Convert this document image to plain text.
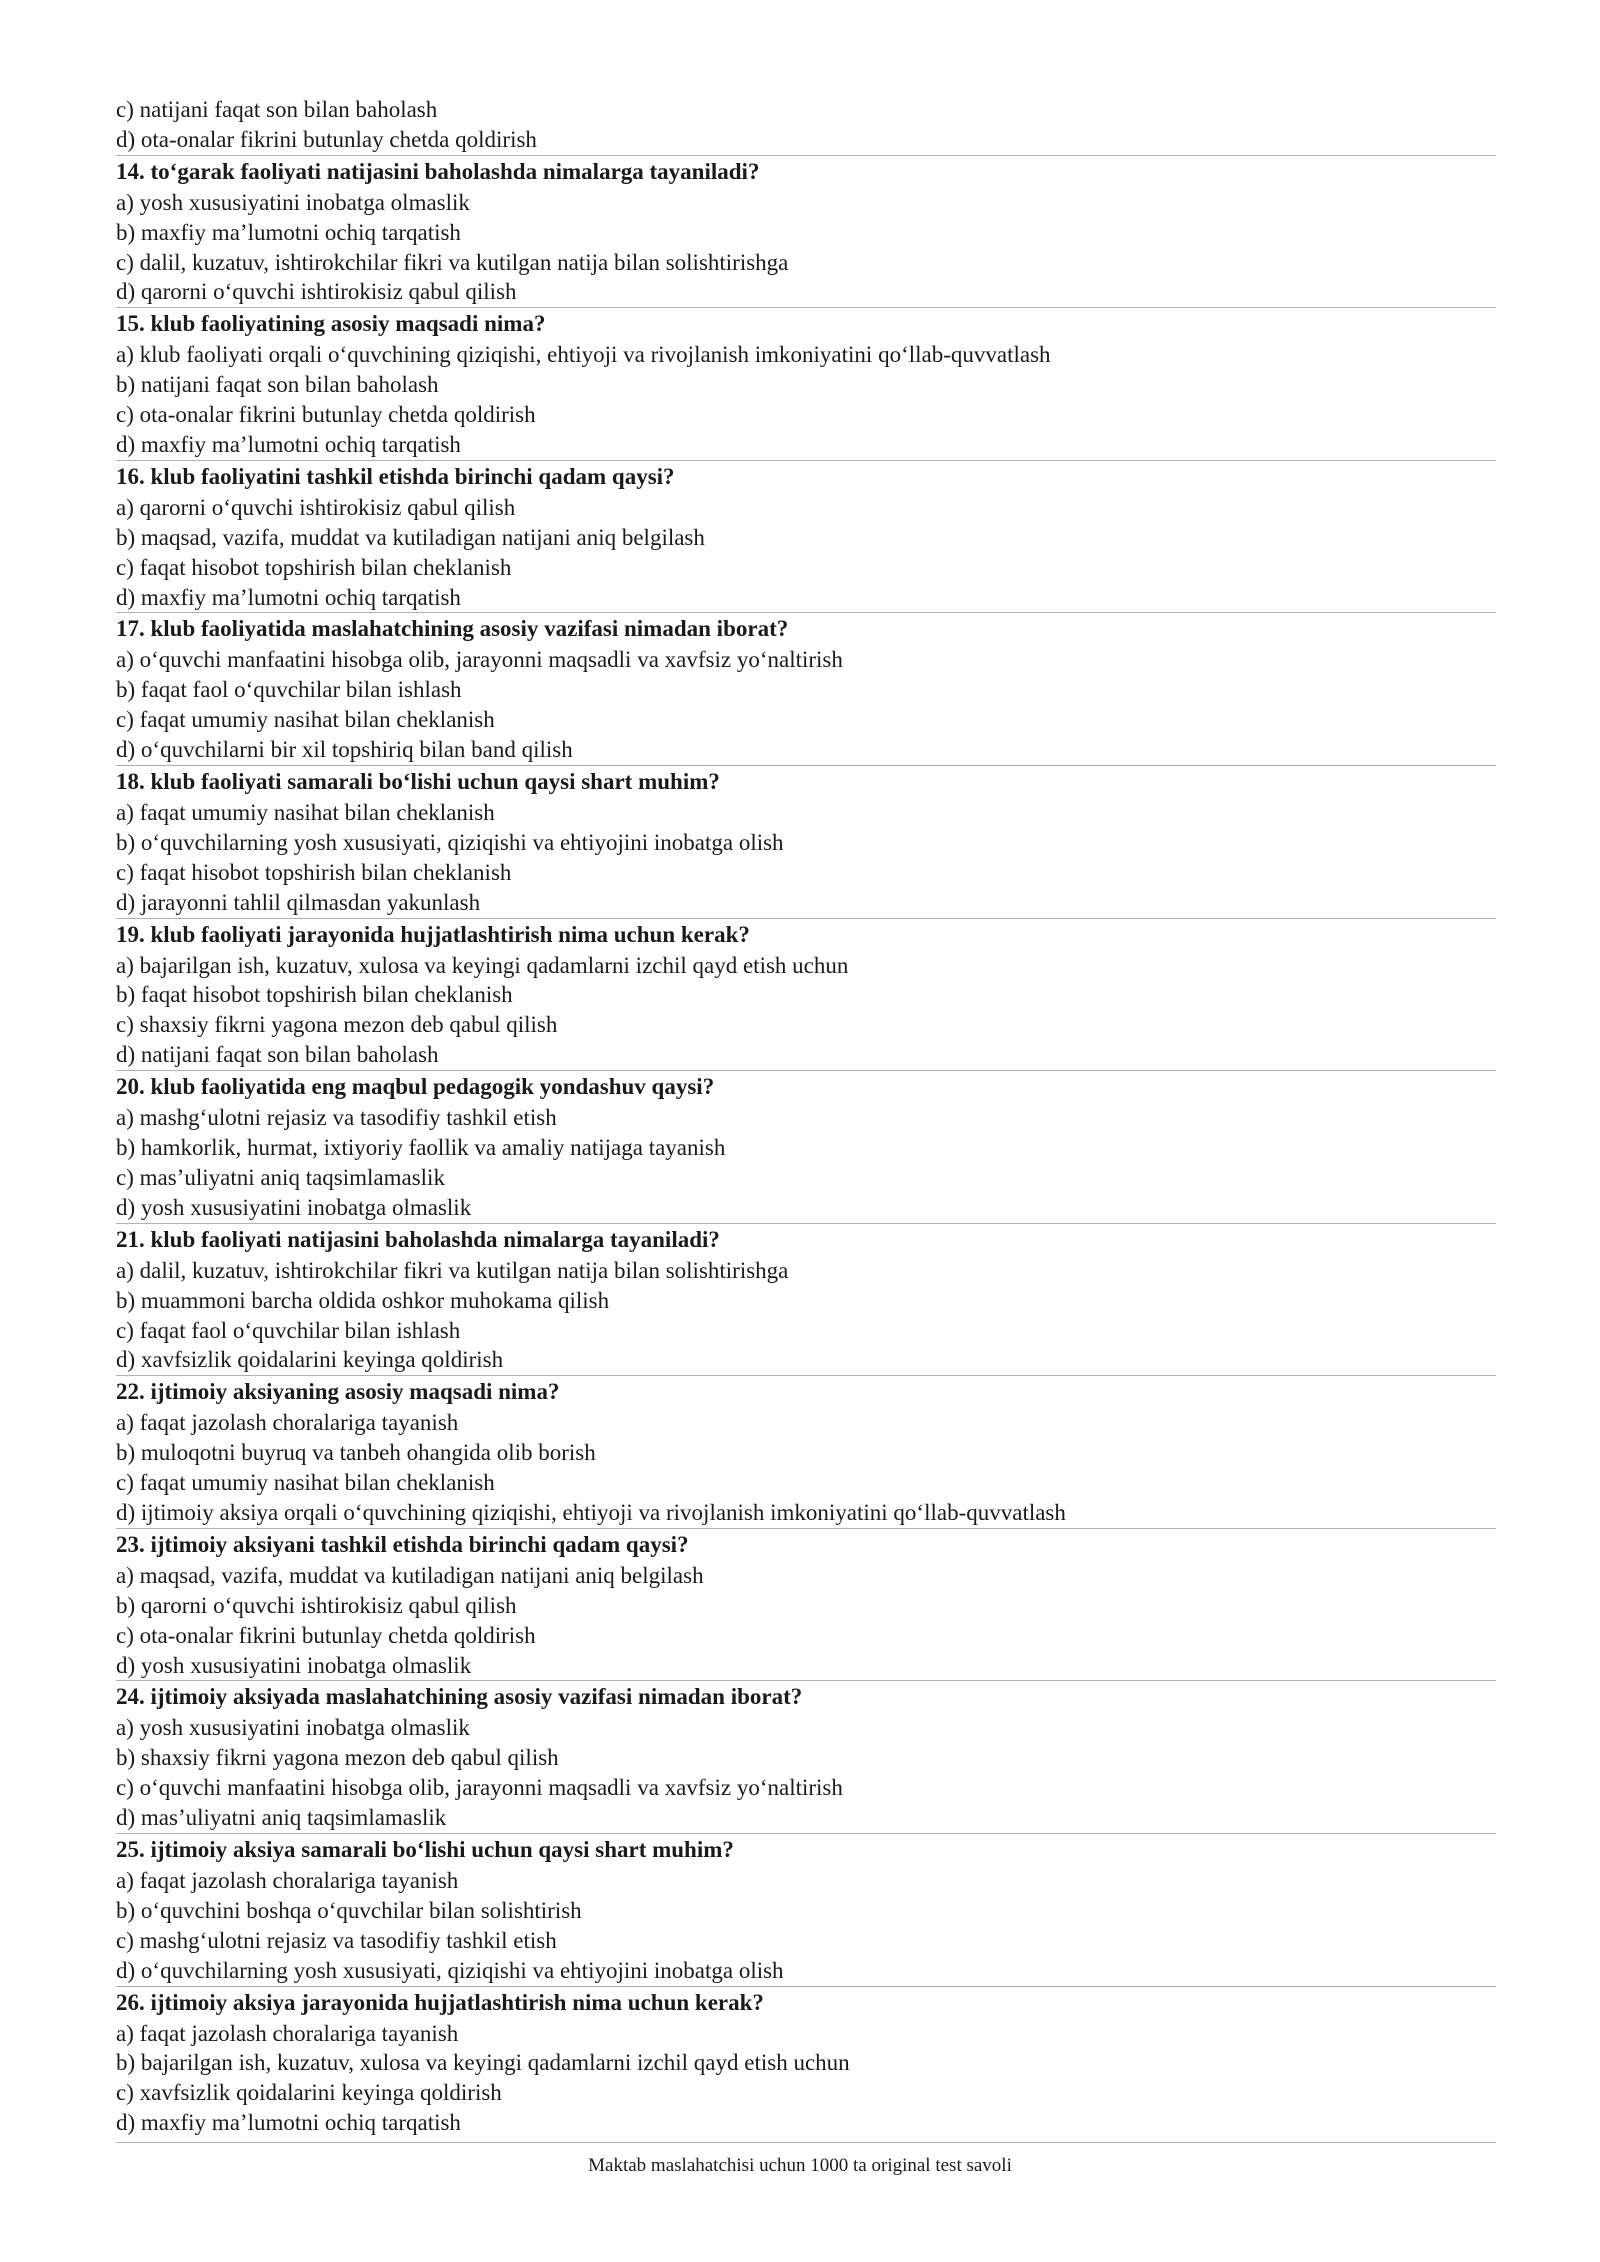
c) natijani faqat son bilan baholash
d) ota-onalar fikrini butunlay chetda qoldirish
14. to‘garak faoliyati natijasini baholashda nimalarga tayaniladi?
a) yosh xususiyatini inobatga olmaslik
b) maxfiy ma’lumotni ochiq tarqatish
c) dalil, kuzatuv, ishtirokchilar fikri va kutilgan natija bilan solishtirishga
d) qarorni o‘quvchi ishtirokisiz qabul qilish
15. klub faoliyatining asosiy maqsadi nima?
a) klub faoliyati orqali o‘quvchining qiziqishi, ehtiyoji va rivojlanish imkoniyatini qo‘llab-quvvatlash
b) natijani faqat son bilan baholash
c) ota-onalar fikrini butunlay chetda qoldirish
d) maxfiy ma’lumotni ochiq tarqatish
16. klub faoliyatini tashkil etishda birinchi qadam qaysi?
a) qarorni o‘quvchi ishtirokisiz qabul qilish
b) maqsad, vazifa, muddat va kutiladigan natijani aniq belgilash
c) faqat hisobot topshirish bilan cheklanish
d) maxfiy ma’lumotni ochiq tarqatish
17. klub faoliyatida maslahatchining asosiy vazifasi nimadan iborat?
a) o‘quvchi manfaatini hisobga olib, jarayonni maqsadli va xavfsiz yo‘naltirish
b) faqat faol o‘quvchilar bilan ishlash
c) faqat umumiy nasihat bilan cheklanish
d) o‘quvchilarni bir xil topshiriq bilan band qilish
18. klub faoliyati samarali bo‘lishi uchun qaysi shart muhim?
a) faqat umumiy nasihat bilan cheklanish
b) o‘quvchilarning yosh xususiyati, qiziqishi va ehtiyojini inobatga olish
c) faqat hisobot topshirish bilan cheklanish
d) jarayonni tahlil qilmasdan yakunlash
19. klub faoliyati jarayonida hujjatlashtirish nima uchun kerak?
a) bajarilgan ish, kuzatuv, xulosa va keyingi qadamlarni izchil qayd etish uchun
b) faqat hisobot topshirish bilan cheklanish
c) shaxsiy fikrni yagona mezon deb qabul qilish
d) natijani faqat son bilan baholash
20. klub faoliyatida eng maqbul pedagogik yondashuv qaysi?
a) mashg‘ulotni rejasiz va tasodifiy tashkil etish
b) hamkorlik, hurmat, ixtiyoriy faollik va amaliy natijaga tayanish
c) mas’uliyatni aniq taqsimlamaslik
d) yosh xususiyatini inobatga olmaslik
21. klub faoliyati natijasini baholashda nimalarga tayaniladi?
a) dalil, kuzatuv, ishtirokchilar fikri va kutilgan natija bilan solishtirishga
b) muammoni barcha oldida oshkor muhokama qilish
c) faqat faol o‘quvchilar bilan ishlash
d) xavfsizlik qoidalarini keyinga qoldirish
22. ijtimoiy aksiyaning asosiy maqsadi nima?
a) faqat jazolash choralariga tayanish
b) muloqotni buyruq va tanbeh ohangida olib borish
c) faqat umumiy nasihat bilan cheklanish
d) ijtimoiy aksiya orqali o‘quvchining qiziqishi, ehtiyoji va rivojlanish imkoniyatini qo‘llab-quvvatlash
23. ijtimoiy aksiyani tashkil etishda birinchi qadam qaysi?
a) maqsad, vazifa, muddat va kutiladigan natijani aniq belgilash
b) qarorni o‘quvchi ishtirokisiz qabul qilish
c) ota-onalar fikrini butunlay chetda qoldirish
d) yosh xususiyatini inobatga olmaslik
24. ijtimoiy aksiyada maslahatchining asosiy vazifasi nimadan iborat?
a) yosh xususiyatini inobatga olmaslik
b) shaxsiy fikrni yagona mezon deb qabul qilish
c) o‘quvchi manfaatini hisobga olib, jarayonni maqsadli va xavfsiz yo‘naltirish
d) mas’uliyatni aniq taqsimlamaslik
25. ijtimoiy aksiya samarali bo‘lishi uchun qaysi shart muhim?
a) faqat jazolash choralariga tayanish
b) o‘quvchini boshqa o‘quvchilar bilan solishtirish
c) mashg‘ulotni rejasiz va tasodifiy tashkil etish
d) o‘quvchilarning yosh xususiyati, qiziqishi va ehtiyojini inobatga olish
26. ijtimoiy aksiya jarayonida hujjatlashtirish nima uchun kerak?
a) faqat jazolash choralariga tayanish
b) bajarilgan ish, kuzatuv, xulosa va keyingi qadamlarni izchil qayd etish uchun
c) xavfsizlik qoidalarini keyinga qoldirish
d) maxfiy ma’lumotni ochiq tarqatish
Maktab maslahatchisi uchun 1000 ta original test savoli
